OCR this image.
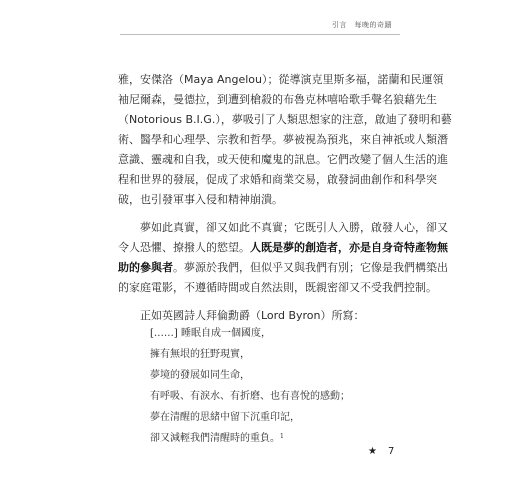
引言　每晚的奇蹟

雅，安傑洛（Maya Angelou）；從導演克里斯多福，諾蘭和民運領
袖尼爾森，曼德拉，到遭到槍殺的布魯克林嘻哈歌手聲名狼藉先生
（Notorious B.I.G.），夢吸引了人類思想家的注意，啟迪了發明和藝
術、醫學和心理學、宗教和哲學。夢被視為預兆，來自神祇或人類潛
意識、靈魂和自我，或天使和魔鬼的訊息。它們改變了個人生活的進
程和世界的發展，促成了求婚和商業交易，啟發詞曲創作和科學突
破，也引發軍事入侵和精神崩潰。

夢如此真實，卻又如此不真實；它既引人入勝，啟發人心，卻又
令人恐懼、撩撥人的慾望。人既是夢的創造者，亦是自身奇特產物無
助的參與者。夢源於我們，但似乎又與我們有別；它像是我們構築出
的家庭電影，不遵循時間或自然法則，既親密卻又不受我們控制。

正如英國詩人拜倫勳爵（Lord Byron）所寫：

[……] 睡眠自成一個國度，
擁有無垠的狂野現實，
夢境的發展如同生命，
有呼吸、有淚水、有折磨、也有喜悅的感動；
夢在清醒的思緒中留下沉重印記，
卻又減輕我們清醒時的重負。$^1$
★ 7
